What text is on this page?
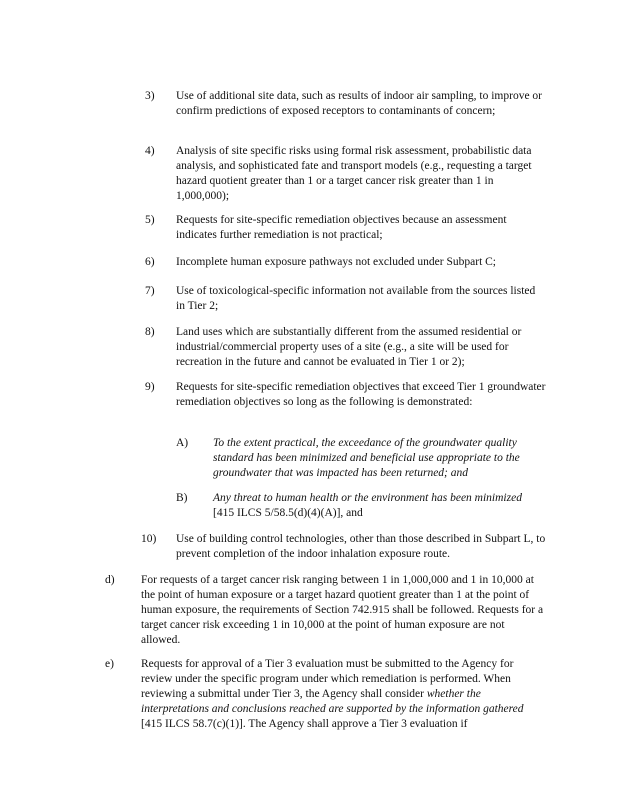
3) Use of additional site data, such as results of indoor air sampling, to improve or confirm predictions of exposed receptors to contaminants of concern;

4) Analysis of site specific risks using formal risk assessment, probabilistic data analysis, and sophisticated fate and transport models (e.g., requesting a target hazard quotient greater than 1 or a target cancer risk greater than 1 in 1,000,000);

5) Requests for site-specific remediation objectives because an assessment indicates further remediation is not practical;

6) Incomplete human exposure pathways not excluded under Subpart C;

7) Use of toxicological-specific information not available from the sources listed in Tier 2;

8) Land uses which are substantially different from the assumed residential or industrial/commercial property uses of a site (e.g., a site will be used for recreation in the future and cannot be evaluated in Tier 1 or 2);

9) Requests for site-specific remediation objectives that exceed Tier 1 groundwater remediation objectives so long as the following is demonstrated:

A) To the extent practical, the exceedance of the groundwater quality standard has been minimized and beneficial use appropriate to the groundwater that was impacted has been returned; and

B) Any threat to human health or the environment has been minimized

[415 ILCS 5/58.5(d)(4)(A)], and

10) Use of building control technologies, other than those described in Subpart L, to prevent completion of the indoor inhalation exposure route.

d) For requests of a target cancer risk ranging between 1 in 1,000,000 and 1 in 10,000 at the point of human exposure or a target hazard quotient greater than 1 at the point of human exposure, the requirements of Section 742.915 shall be followed. Requests for a target cancer risk exceeding 1 in 10,000 at the point of human exposure are not allowed.

e) Requests for approval of a Tier 3 evaluation must be submitted to the Agency for review under the specific program under which remediation is performed. When reviewing a submittal under Tier 3, the Agency shall consider whether the interpretations and conclusions reached are supported by the information gathered [415 ILCS 58.7(c)(1)]. The Agency shall approve a Tier 3 evaluation if
